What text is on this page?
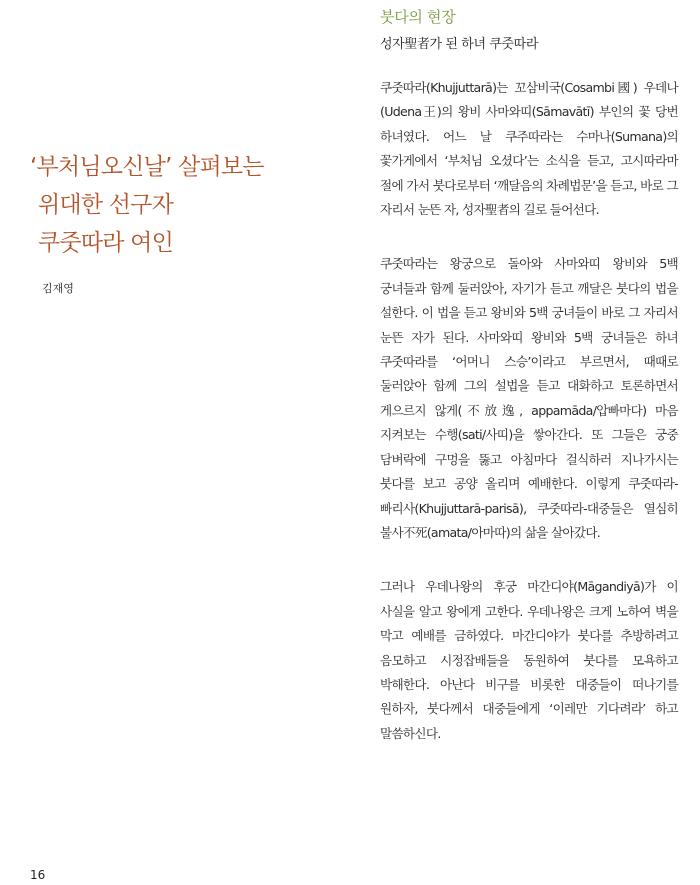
붓다의 현장
성자聖者가 된 하녀 쿠줏따라
‘부처님오신날’ 살펴보는
위대한 선구자
쿠줏따라 여인
김재영

쿠줏따라(Khujjuttarā)는 꼬삼비국(Cosambi國) 우데나(Udena王)의 왕비 사마와띠(Sāmavātī) 부인의 꽃 당번 하녀였다. 어느 날 쿠주따라는 수마나(Sumana)의 꽃가게에서 ‘부처님 오셨다’는 소식을 듣고, 고시따라마 절에 가서 붓다로부터 ‘깨달음의 차례법문’을 듣고, 바로 그 자리서 눈뜬 자, 성자聖者의 길로 들어선다.

쿠줏따라는 왕궁으로 돌아와 사마와띠 왕비와 5백 궁녀들과 함께 둘러앉아, 자기가 듣고 깨달은 붓다의 법을 설한다. 이 법을 듣고 왕비와 5백 궁녀들이 바로 그 자리서 눈뜬 자가 된다. 사마와띠 왕비와 5백 궁녀들은 하녀 쿠줏따라를 ‘어머니 스승’이라고 부르면서, 때때로 둘러앉아 함께 그의 설법을 듣고 대화하고 토론하면서 게으르지 않게(不放逸, appamāda/압빠마다) 마음 지켜보는 수행(sati/사띠)을 쌓아간다. 또 그들은 궁중 담벼락에 구멍을 뚫고 아침마다 걸식하러 지나가시는 붓다를 보고 공양 올리며 예배한다. 이렇게 쿠줏따라-빠리사(Khujjuttarā-parisā), 쿠줏따라-대중들은 열심히 불사不死(amata/아마따)의 삶을 살아갔다.

그러나 우데나왕의 후궁 마간디야(Māgandiyā)가 이 사실을 알고 왕에게 고한다. 우데나왕은 크게 노하여 벽을 막고 예배를 금하였다. 마간디야가 붓다를 추방하려고 음모하고 시정잡배들을 동원하여 붓다를 모욕하고 박해한다. 아난다 비구를 비롯한 대중들이 떠나기를 원하자, 붓다께서 대중들에게 ‘이레만 기다려라’ 하고 말씀하신다.

16
